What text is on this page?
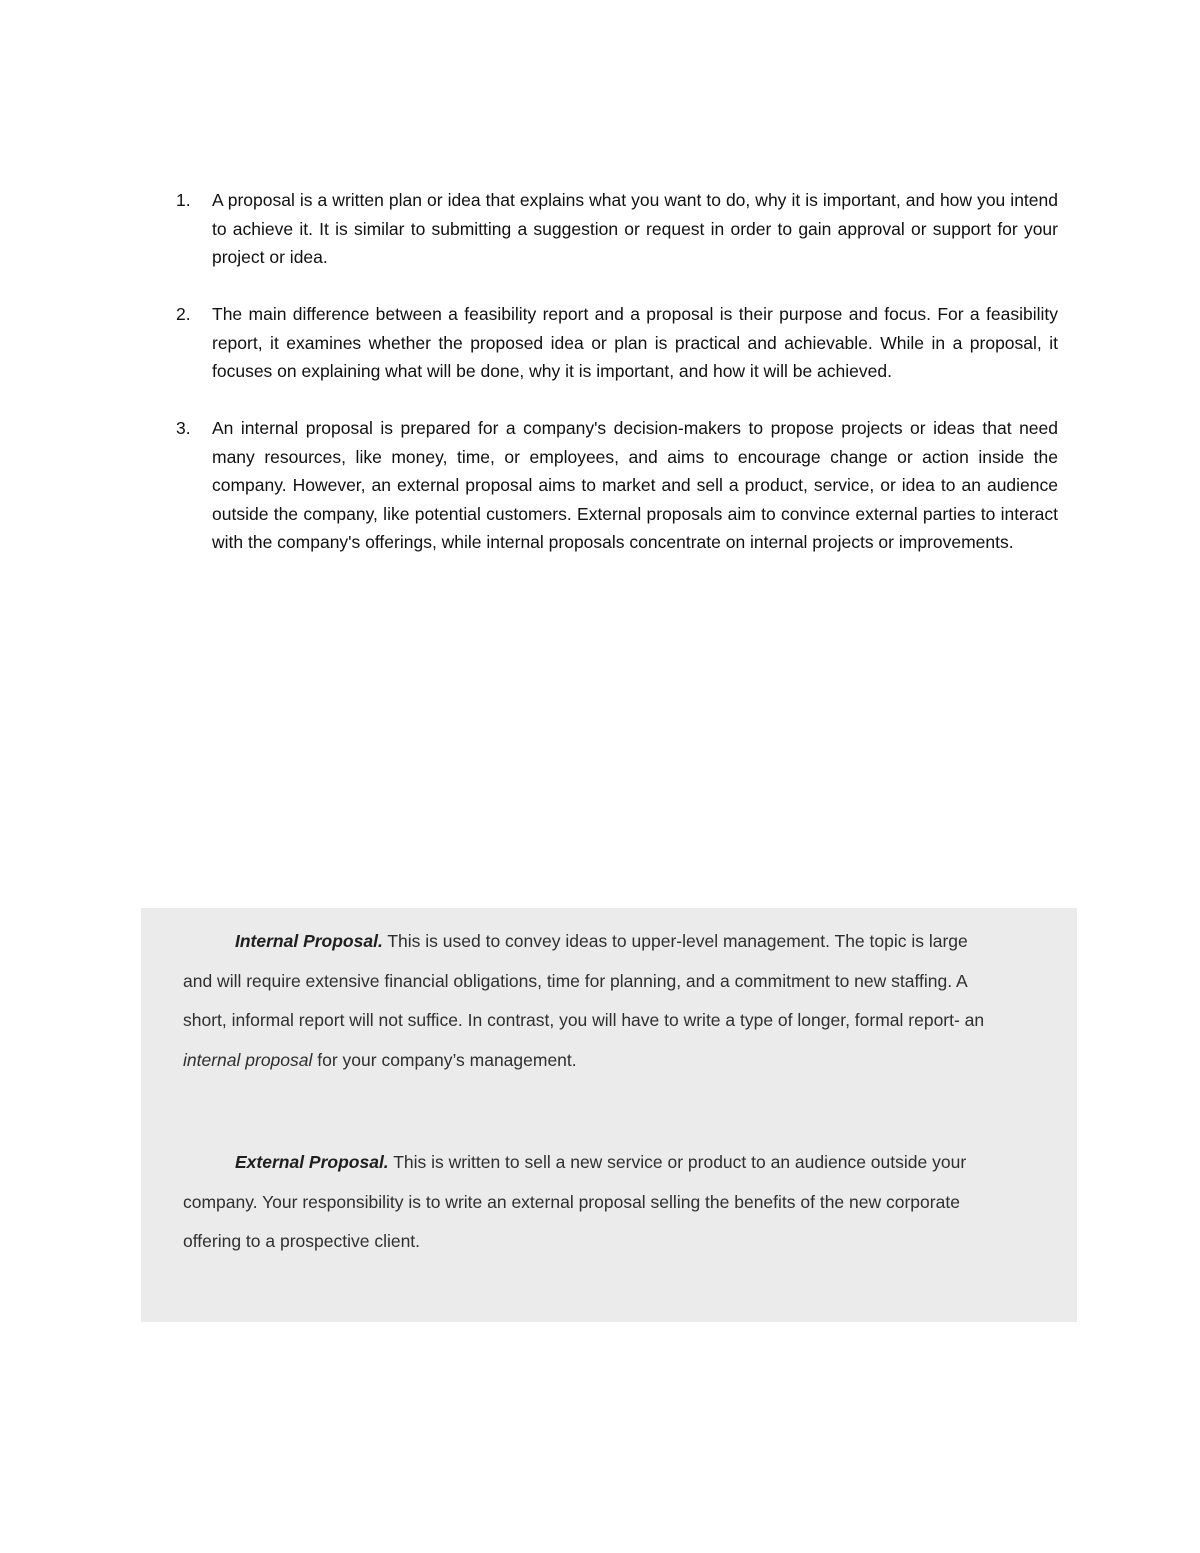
1. A proposal is a written plan or idea that explains what you want to do, why it is important, and how you intend to achieve it. It is similar to submitting a suggestion or request in order to gain approval or support for your project or idea.
2. The main difference between a feasibility report and a proposal is their purpose and focus. For a feasibility report, it examines whether the proposed idea or plan is practical and achievable. While in a proposal, it focuses on explaining what will be done, why it is important, and how it will be achieved.
3. An internal proposal is prepared for a company's decision-makers to propose projects or ideas that need many resources, like money, time, or employees, and aims to encourage change or action inside the company. However, an external proposal aims to market and sell a product, service, or idea to an audience outside the company, like potential customers. External proposals aim to convince external parties to interact with the company's offerings, while internal proposals concentrate on internal projects or improvements.

Internal Proposal. This is used to convey ideas to upper-level management. The topic is large and will require extensive financial obligations, time for planning, and a commitment to new staffing. A short, informal report will not suffice. In contrast, you will have to write a type of longer, formal report- an internal proposal for your company’s management.

External Proposal. This is written to sell a new service or product to an audience outside your company. Your responsibility is to write an external proposal selling the benefits of the new corporate offering to a prospective client.
